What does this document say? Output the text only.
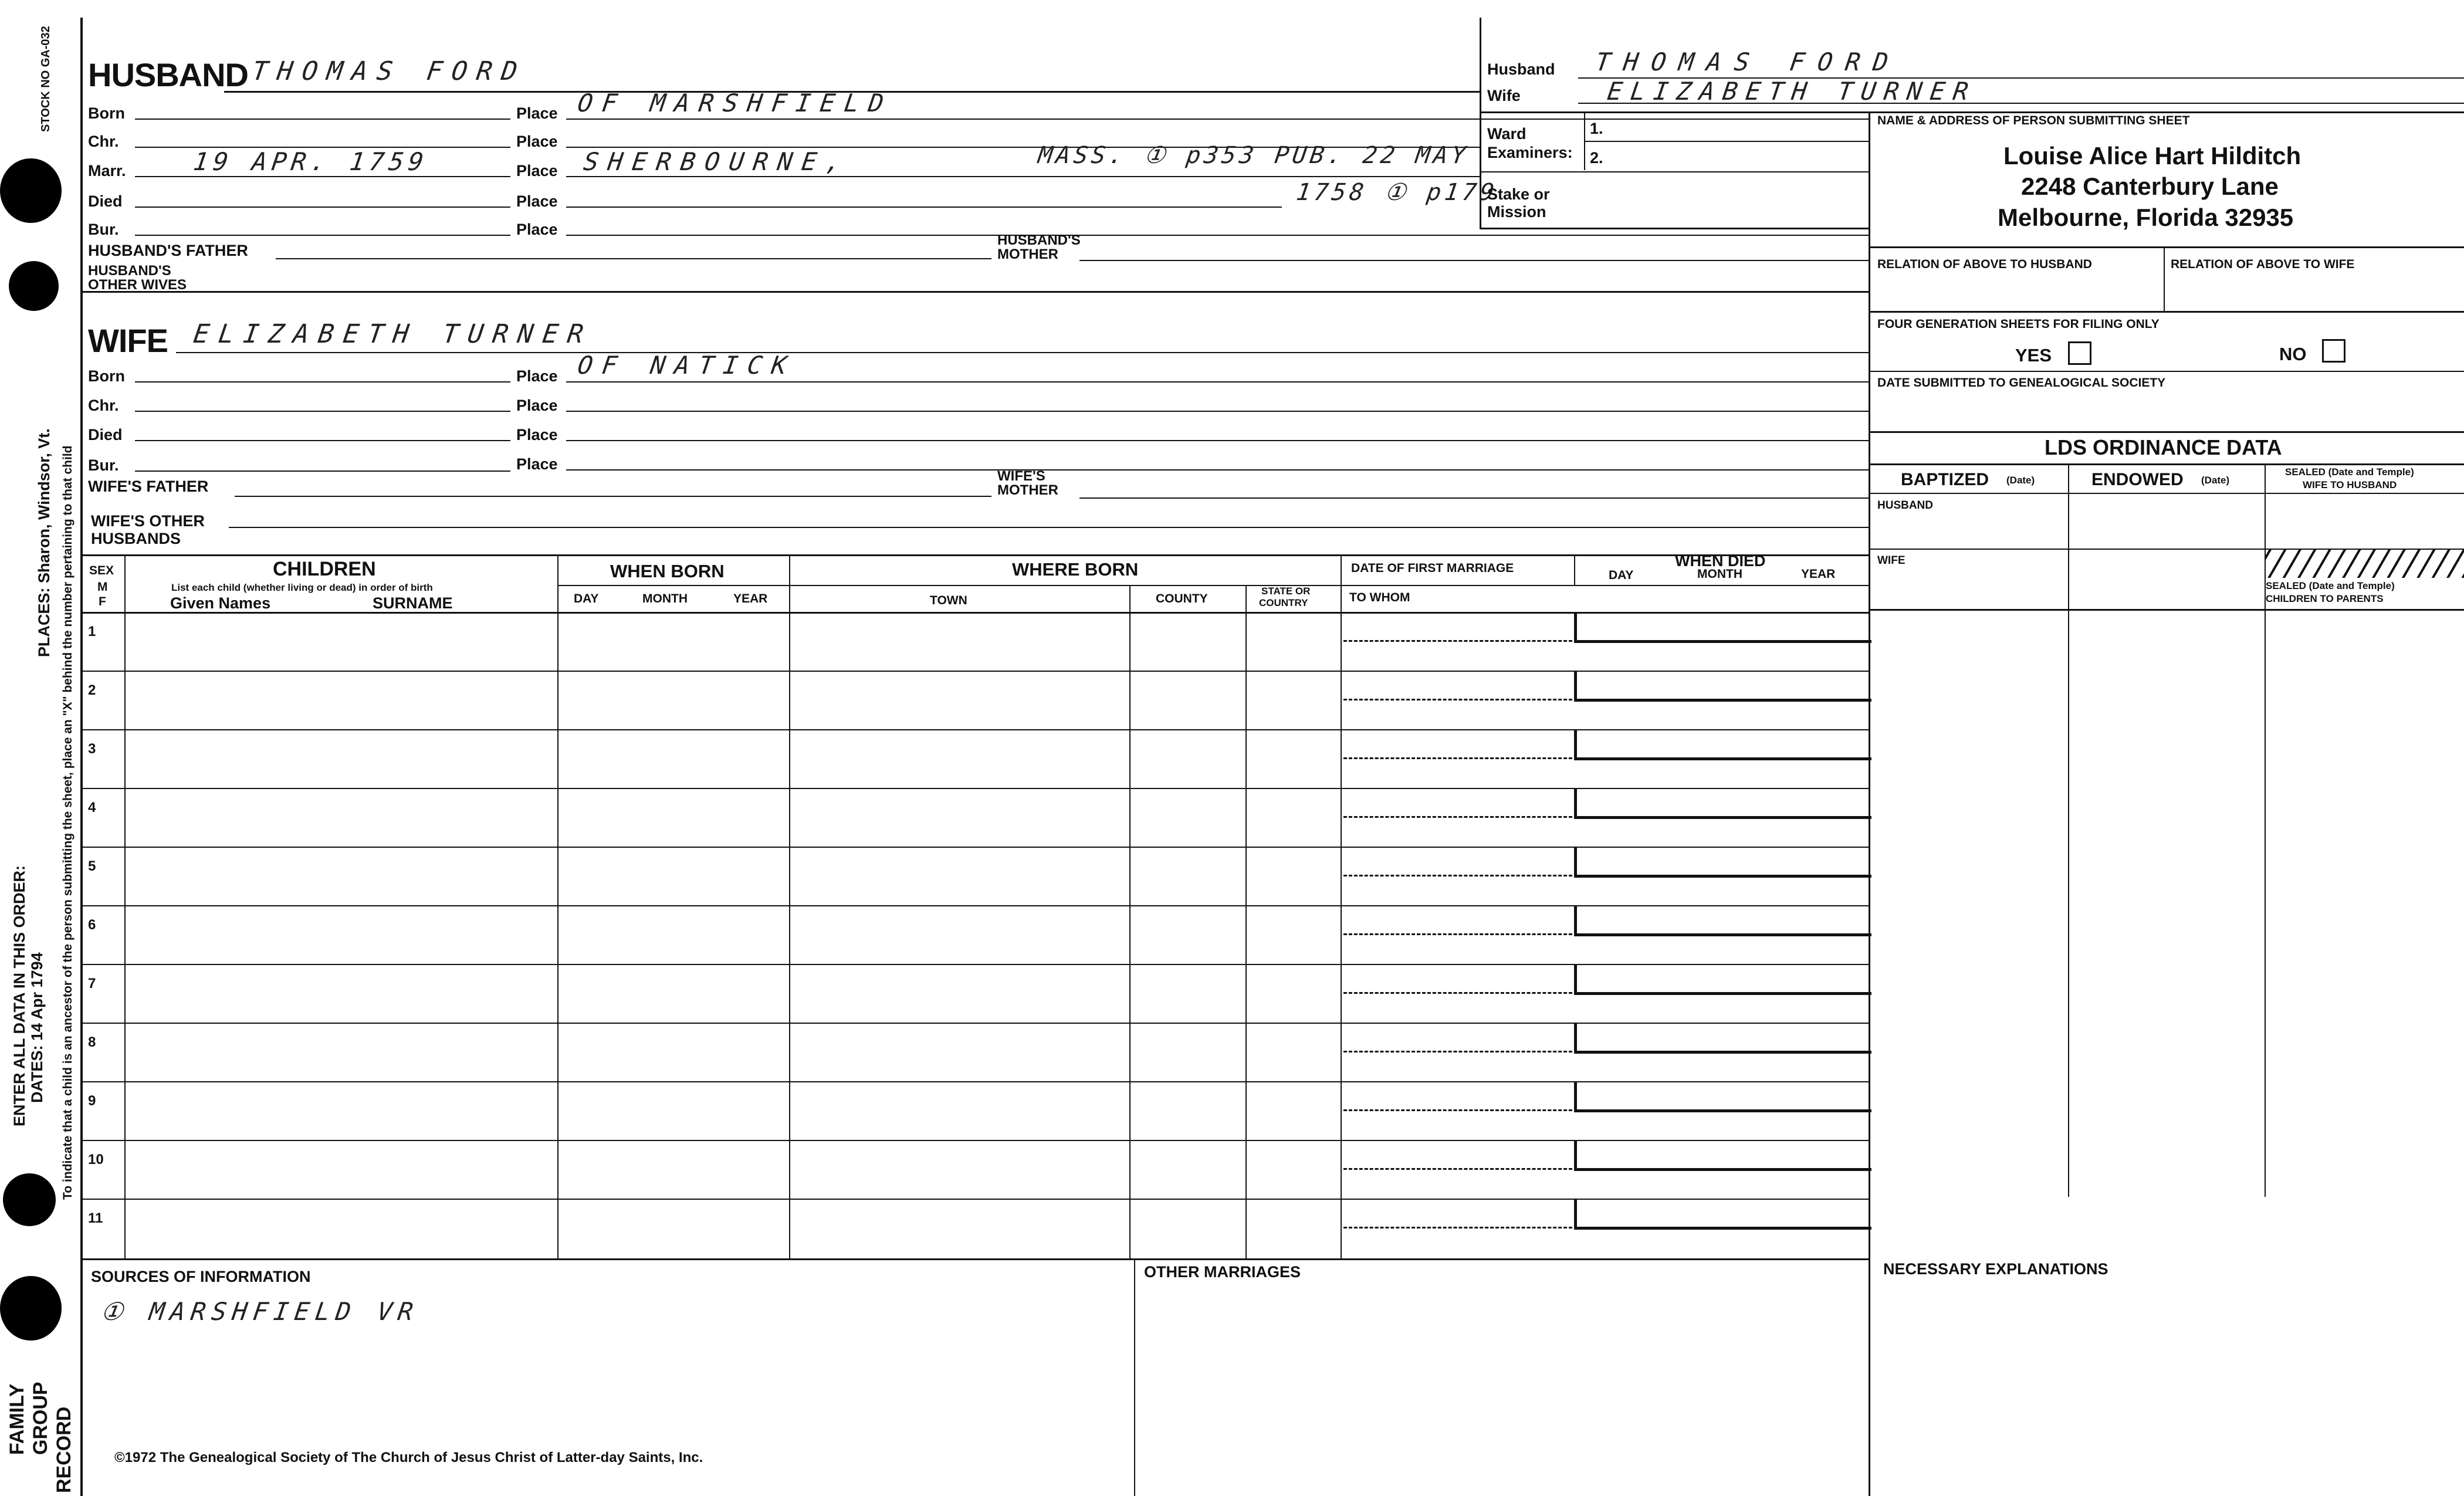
STOCK NO GA-032
PLACES: Sharon, Windsor, Vt. To indicate that a child is an ancestor of the person submitting the sheet, place an "X" behind the number pertaining to that child
ENTER ALL DATA IN THIS ORDER: DATES: 14 Apr 1794
FAMILY GROUP RECORD
HUSBAND THOMAS FORD
Born	Place OF MARSHFIELD
Chr.	Place
Marr.	19 APR. 1759	Place SHERBOURNE,	MASS. ① p353 PUB. 22 MAY
1758 ① p179
Died	Place
Bur.	Place
HUSBAND'S FATHER
HUSBAND'S
MOTHER
HUSBAND'S
OTHER WIVES
Husband THOMAS FORD
Wife	ELIZABETH TURNER
Ward
Examiners:
1.
2.
Stake or
Mission
NAME & ADDRESS OF PERSON SUBMITTING SHEET
Louise Alice Hart Hilditch
2248 Canterbury Lane
Melbourne, Florida 32935
RELATION OF ABOVE TO HUSBAND	RELATION OF ABOVE TO WIFE
FOUR GENERATION SHEETS FOR FILING ONLY
YES	NO
DATE SUBMITTED TO GENEALOGICAL SOCIETY
LDS ORDINANCE DATA
BAPTIZED (Date)	ENDOWED (Date)
SEALED (Date and Temple)
WIFE TO HUSBAND
HUSBAND
WIFE
SEALED (Date and Temple)
CHILDREN TO PARENTS
WIFE ELIZABETH TURNER
Born	Place OF NATICK
Chr.	Place
Died	Place
Bur.	Place
WIFE'S FATHER
WIFE'S
MOTHER
WIFE'S OTHER
HUSBANDS
SEX
M
F
CHILDREN
List each child (whether living or dead) in order of birth
Given Names	SURNAME
WHEN BORN
DAY	MONTH	YEAR
WHERE BORN
TOWN	COUNTY
STATE OR
COUNTRY
DATE OF FIRST MARRIAGE
TO WHOM
WHEN DIED
DAY	MONTH	YEAR
1
2
3
4
5
6
7
8
9
10
11
SOURCES OF INFORMATION
① MARSHFIELD VR
OTHER MARRIAGES	NECESSARY EXPLANATIONS
©1972 The Genealogical Society of The Church of Jesus Christ of Latter-day Saints, Inc.
